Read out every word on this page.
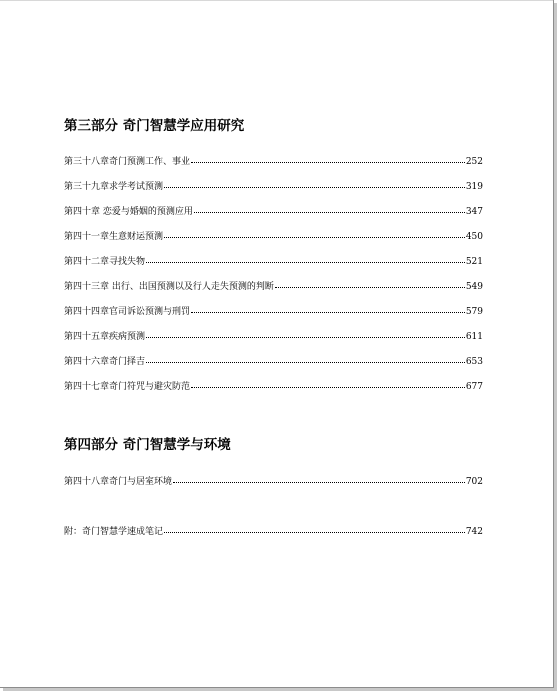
第三部分 奇门智慧学应用研究
第三十八章奇门预测工作、事业	252
第三十九章求学考试预测	319
第四十章 恋爱与婚姻的预测应用	347
第四十一章生意财运预测	450
第四十二章寻找失物	521
第四十三章 出行、出国预测以及行人走失预测的判断	549
第四十四章官司诉讼预测与刑罚	579
第四十五章疾病预测	611
第四十六章奇门择吉	653
第四十七章奇门符咒与避灾防范	677
第四部分 奇门智慧学与环境
第四十八章奇门与居室环境	702
附：奇门智慧学速成笔记	742
